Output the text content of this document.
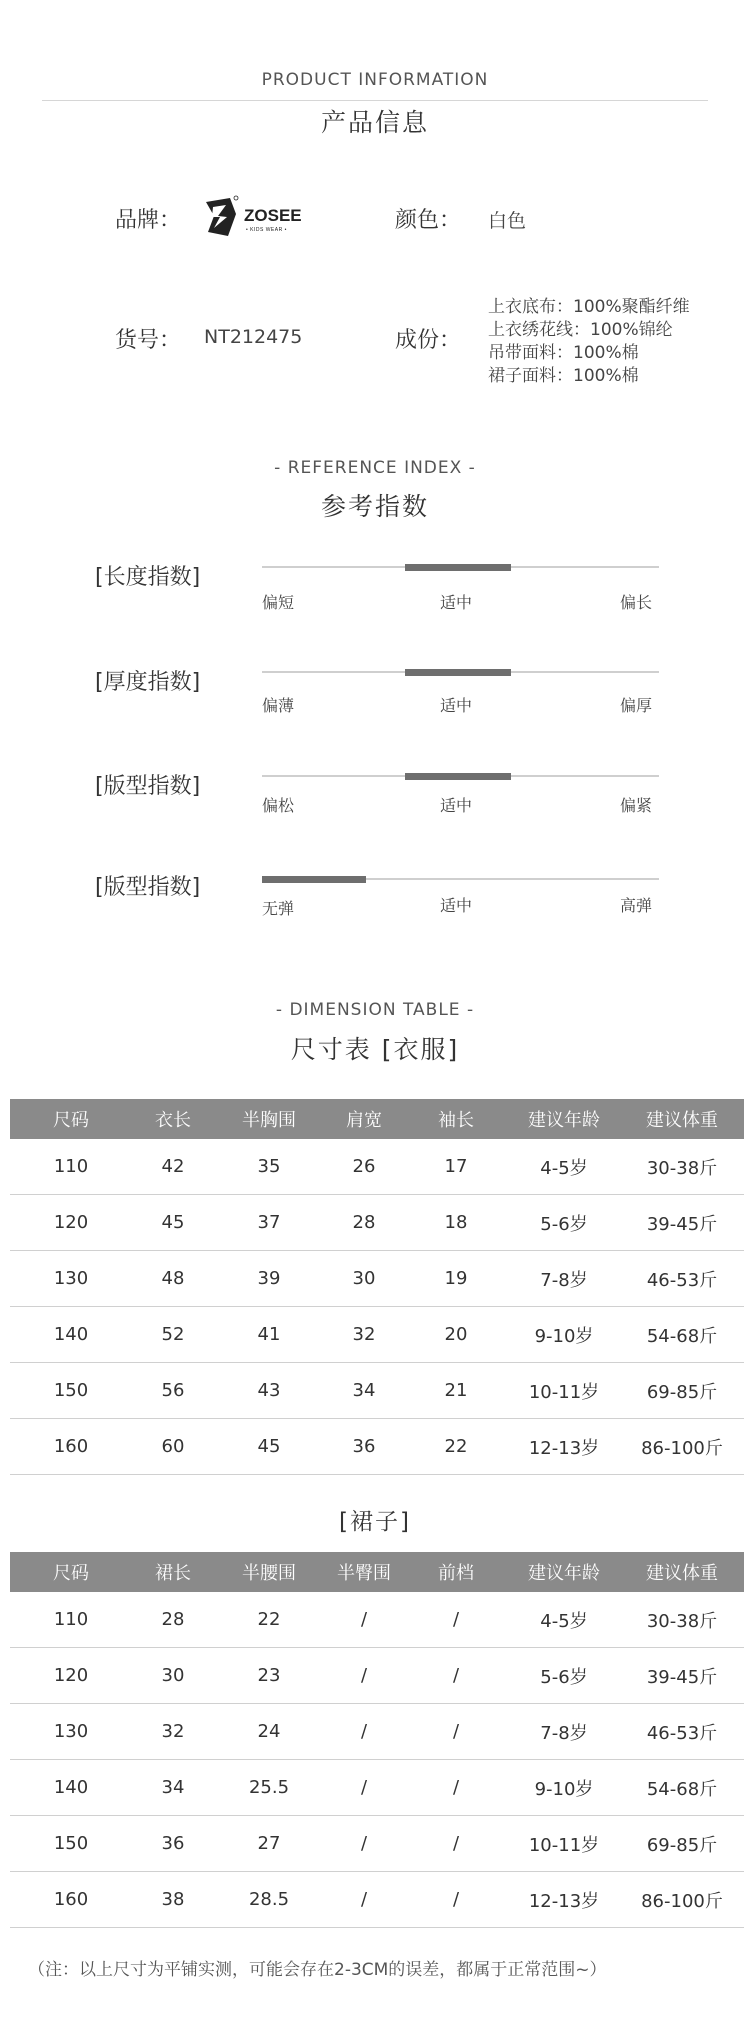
PRODUCT INFORMATION
产品信息
品牌：	ZOSEE
• KIDS WEAR •	颜色： 白色
货号： NT212475	成份：
上衣底布：100%聚酯纤维
上衣绣花线：100%锦纶
吊带面料：100%棉
裙子面料：100%棉
- REFERENCE INDEX -
参考指数
[长度指数]
偏短	适中	偏长
[厚度指数]
偏薄	适中	偏厚
[版型指数]
偏松	适中	偏紧
[版型指数]
无弹	适中	高弹
- DIMENSION TABLE -
尺寸表 [衣服]
尺码	衣长	半胸围	肩宽	袖长	建议年龄	建议体重
110	42	35	26	17	4-5岁	30-38斤
120	45	37	28	18	5-6岁	39-45斤
130	48	39	30	19	7-8岁	46-53斤
140	52	41	32	20	9-10岁	54-68斤
150	56	43	34	21	10-11岁	69-85斤
160	60	45	36	22	12-13岁	86-100斤
[裙子]
尺码	裙长	半腰围	半臀围	前档	建议年龄	建议体重
110	28	22	/	/	4-5岁	30-38斤
120	30	23	/	/	5-6岁	39-45斤
130	32	24	/	/	7-8岁	46-53斤
140	34	25.5	/	/	9-10岁	54-68斤
150	36	27	/	/	10-11岁	69-85斤
160	38	28.5	/	/	12-13岁	86-100斤
（注：以上尺寸为平铺实测，可能会存在2-3CM的误差，都属于正常范围~）
